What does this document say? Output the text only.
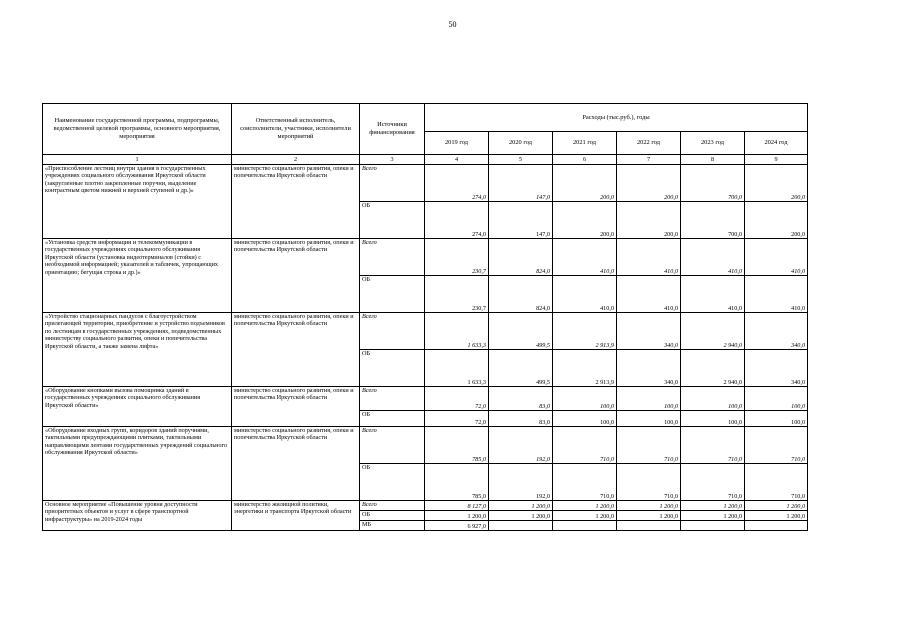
50
Наименование государственной программы, подпрограммы, ведомственной целевой программы, основного мероприятия, мероприятия	Ответственный исполнитель, соисполнители, участники, исполнители мероприятий	Источники финансирования	Расходы (тыс.руб.), годы					
			2019 год	2020 год	2021 год	2022 год	2023 год	2024 год
1	2	3	4	5	6	7	8	9
«Приспособление лестниц внутри здания в государственных учреждениях социального обслуживания Иркутской области (закругленные плотно закрепленные поручни, выделение контрастным цветом нижней и верхней ступеней и др.)»	министерство социального развития, опеки и попечительства Иркутской области	Всего	274,0	147,0	200,0	200,0	700,0	200,0
		ОБ	274,0	147,0	200,0	200,0	700,0	200,0
«Установка средств информации и телекоммуникации в государственных учреждениях социального обслуживания Иркутской области (установка видеотерминалов (стойки) с необходимой информацией; указателей и табличек, упрощающих ориентацию; бегущая строка и др.)»	министерство социального развития, опеки и попечительства Иркутской области	Всего	230,7	824,0	410,0	410,0	410,0	410,0
		ОБ	230,7	824,0	410,0	410,0	410,0	410,0
«Устройство стационарных пандусов с благоустройством прилегающей территории, приобретение и устройство подъемников по лестницам в государственных учреждениях, подведомственных министерству социального развития, опеки и попечительства Иркутской области, а также замена лифта»	министерство социального развития, опеки и попечительства Иркутской области	Всего	1 633,3	499,5	2 913,9	340,0	2 940,0	340,0
		ОБ	1 633,3	499,5	2 913,9	340,0	2 940,0	340,0
«Оборудование кнопками вызова помощника зданий в государственных учреждениях социального обслуживания Иркутской области»	министерство социального развития, опеки и попечительства Иркутской области	Всего	72,0	83,0	100,0	100,0	100,0	100,0
		ОБ	72,0	83,0	100,0	100,0	100,0	100,0
«Оборудование входных групп, коридоров зданий поручнями, тактильными предупреждающими плитками, тактильными направляющими лентами государственных учреждений социального обслуживания Иркутской области»	министерство социального развития, опеки и попечительства Иркутской области	Всего	785,0	192,0	710,0	710,0	710,0	710,0
		ОБ	785,0	192,0	710,0	710,0	710,0	710,0
Основное мероприятие «Повышение уровня доступности приоритетных объектов и услуг в сфере транспортной инфраструктуры» на 2019-2024 годы	министерство жилищной политики, энергетики и транспорта Иркутской области	Всего	8 127,0	1 200,0	1 200,0	1 200,0	1 200,0	1 200,0
		ОБ	1 200,0	1 200,0	1 200,0	1 200,0	1 200,0	1 200,0
		МБ	6 927,0					
